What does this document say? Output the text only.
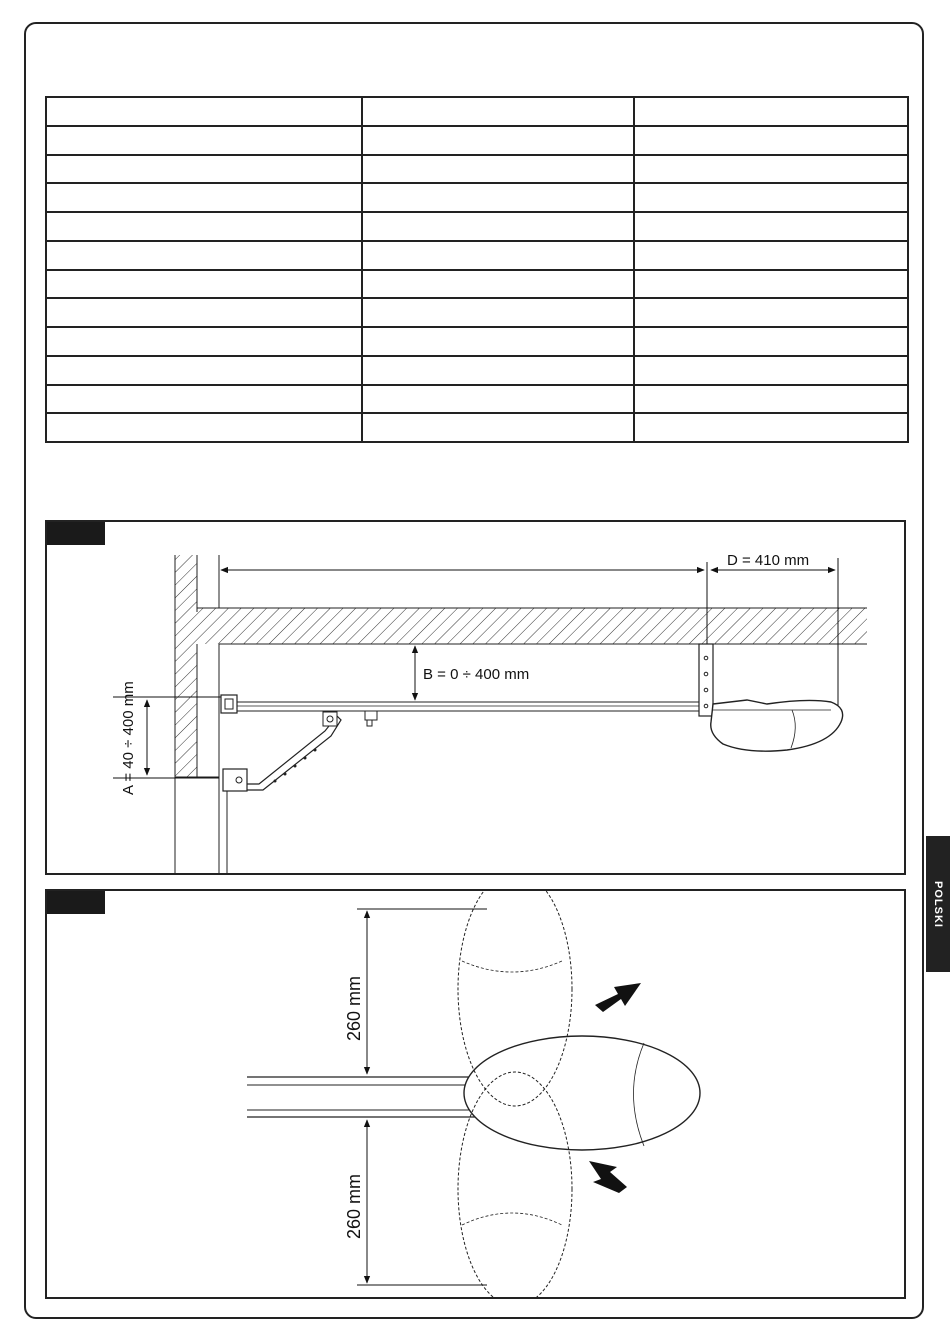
D = 410 mm
B = 0 ÷ 400 mm
A = 40 ÷ 400 mm
260 mm
260 mm
POLSKI
